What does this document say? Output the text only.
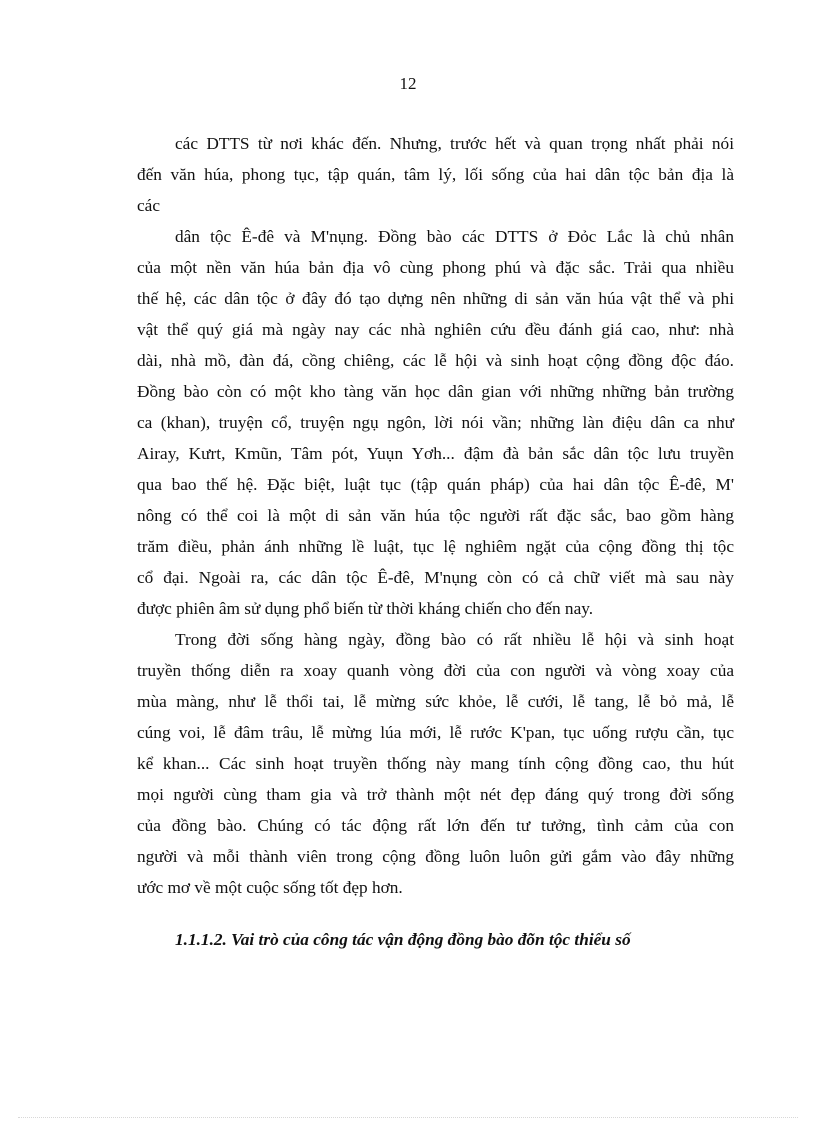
12
các DTTS từ nơi khác đến. Nhưng, trước hết và quan trọng nhất phải nói
đến văn húa, phong tục, tập quán, tâm lý, lối sống của hai dân tộc bản địa là
các
dân tộc Ê-đê và M'nụng. Đồng bào các DTTS ở Đỏc Lắc là chủ nhân
của một nền văn húa bản địa vô cùng phong phú và đặc sắc. Trải qua nhiều
thế hệ, các dân tộc ở đây đó tạo dựng nên những di sản văn húa vật thể và phi
vật thể quý giá mà ngày nay các nhà nghiên cứu đều đánh giá cao, như: nhà
dài, nhà mồ, đàn đá, cồng chiêng, các lễ hội và sinh hoạt cộng đồng độc đáo.
Đồng bào còn có một kho tàng văn học dân gian với những những bản trường
ca (khan), truyện cổ, truyện ngụ ngôn, lời nói vần; những làn điệu dân ca như
Airay, Kưrt, Kmũn, Tâm pót, Yuụn Yơh... đậm đà bản sắc dân tộc lưu truyền
qua bao thế hệ. Đặc biệt, luật tục (tập quán pháp) của hai dân tộc Ê-đê, M'
nông có thể coi là một di sản văn húa tộc người rất đặc sắc, bao gồm hàng
trăm điều, phản ánh những lề luật, tục lệ nghiêm ngặt của cộng đồng thị tộc
cổ đại. Ngoài ra, các dân tộc Ê-đê, M'nụng còn có cả chữ viết mà sau này
được phiên âm sử dụng phổ biến từ thời kháng chiến cho đến nay.
Trong đời sống hàng ngày, đồng bào có rất nhiều lễ hội và sinh hoạt
truyền thống diễn ra xoay quanh vòng đời của con người và vòng xoay của
mùa màng, như lễ thổi tai, lễ mừng sức khỏe, lễ cưới, lễ tang, lễ bỏ mả, lễ
cúng voi, lễ đâm trâu, lễ mừng lúa mới, lễ rước K'pan, tục uống rượu cần, tục
kể khan... Các sinh hoạt truyền thống này mang tính cộng đồng cao, thu hút
mọi người cùng tham gia và trở thành một nét đẹp đáng quý trong đời sống
của đồng bào. Chúng có tác động rất lớn đến tư tưởng, tình cảm của con
người và mỗi thành viên trong cộng đồng luôn luôn gửi gắm vào đây những
ước mơ về một cuộc sống tốt đẹp hơn.
1.1.1.2. Vai trò của công tác vận động đồng bào đõn tộc thiểu số
